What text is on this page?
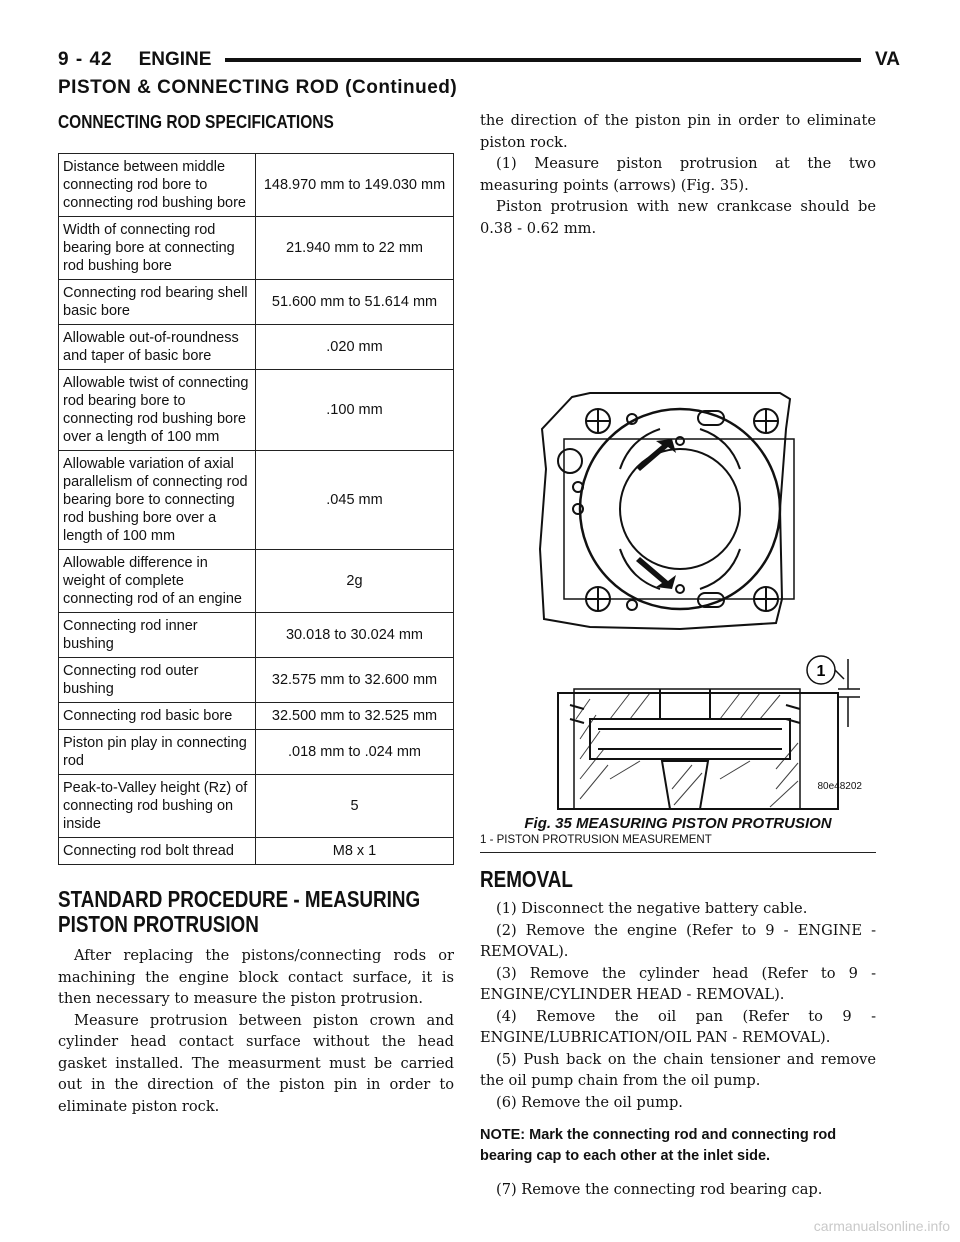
9 - 42 ENGINE	VA
PISTON & CONNECTING ROD (Continued)
CONNECTING ROD SPECIFICATIONS
Distance between middle connecting rod bore to connecting rod bushing bore	148.970 mm to 149.030 mm
Width of connecting rod bearing bore at connecting rod bushing bore	21.940 mm to 22 mm
Connecting rod bearing shell basic bore	51.600 mm to 51.614 mm
Allowable out-of-roundness and taper of basic bore	.020 mm
Allowable twist of connecting rod bearing bore to connecting rod bushing bore over a length of 100 mm	.100 mm
Allowable variation of axial parallelism of connecting rod bearing bore to connecting rod bushing bore over a length of 100 mm	.045 mm
Allowable difference in weight of complete connecting rod of an engine	2g
Connecting rod inner bushing	30.018 to 30.024 mm
Connecting rod outer bushing	32.575 mm to 32.600 mm
Connecting rod basic bore	32.500 mm to 32.525 mm
Piston pin play in connecting rod	.018 mm to .024 mm
Peak-to-Valley height (Rz) of connecting rod bushing on inside	5
Connecting rod bolt thread	M8 x 1
STANDARD PROCEDURE - MEASURING
PISTON PROTRUSION

After replacing the pistons/connecting rods or machining the engine block contact surface, it is then necessary to measure the piston protrusion.

Measure protrusion between piston crown and cylinder head contact surface without the head gasket installed. The measurment must be carried out in the direction of the piston pin in order to eliminate piston rock.

the direction of the piston pin in order to eliminate piston rock.

(1) Measure piston protrusion at the two measuring points (arrows) (Fig. 35).

Piston protrusion with new crankcase should be 0.38 - 0.62 mm.

1
80e48202
Fig. 35 MEASURING PISTON PROTRUSION
1 - PISTON PROTRUSION MEASUREMENT
REMOVAL

(1) Disconnect the negative battery cable.

(2) Remove the engine (Refer to 9 - ENGINE - REMOVAL).

(3) Remove the cylinder head (Refer to 9 - ENGINE/CYLINDER HEAD - REMOVAL).

(4) Remove the oil pan (Refer to 9 - ENGINE/LUBRICATION/OIL PAN - REMOVAL).

(5) Push back on the chain tensioner and remove the oil pump chain from the oil pump.

(6) Remove the oil pump.

NOTE: Mark the connecting rod and connecting rod bearing cap to each other at the inlet side.

(7) Remove the connecting rod bearing cap.

carmanualsonline.info
